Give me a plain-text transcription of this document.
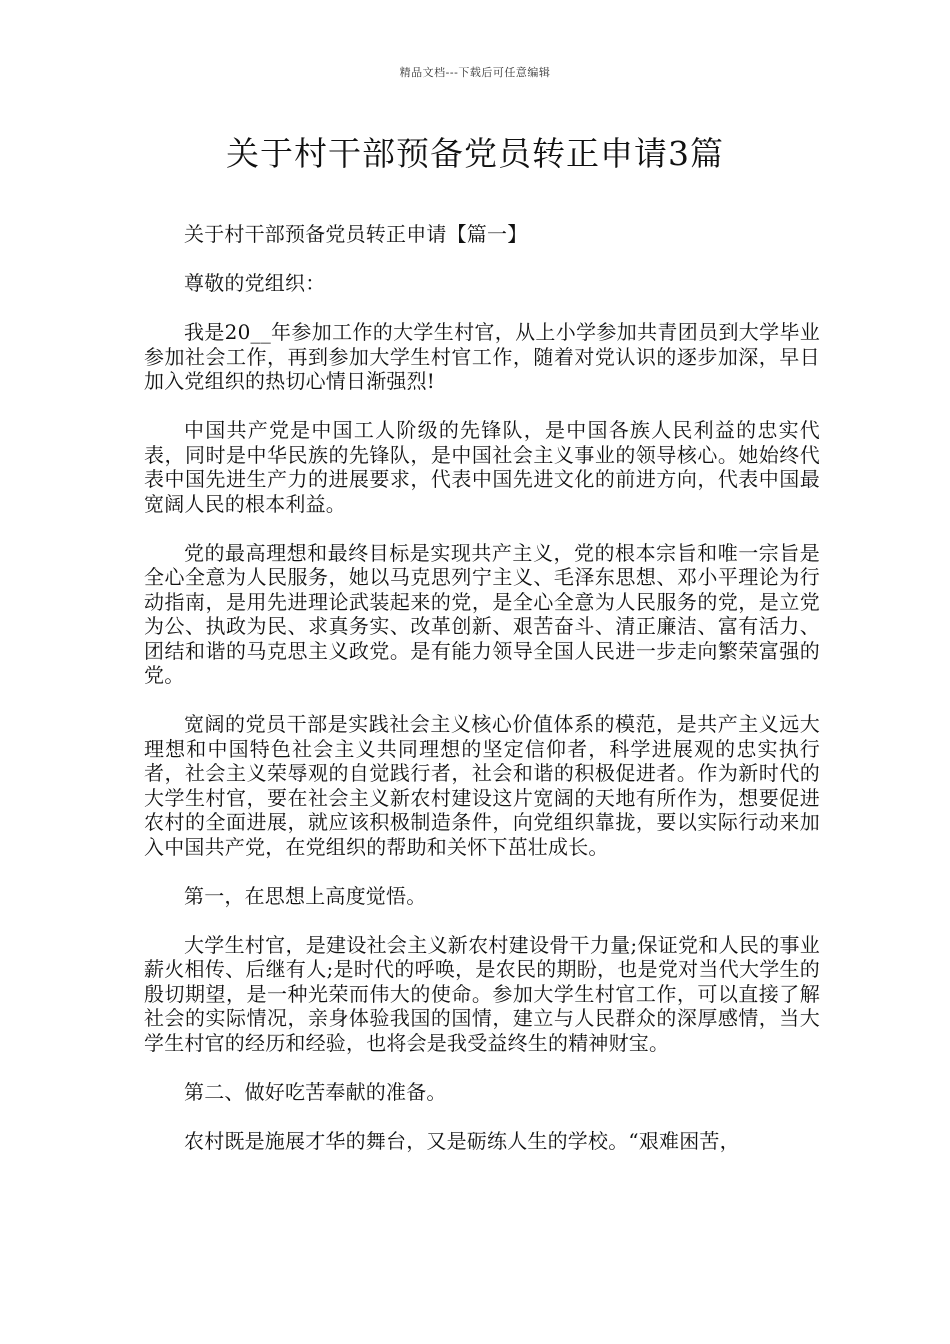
精品文档---下载后可任意编辑
关于村干部预备党员转正申请3篇

关于村干部预备党员转正申请【篇一】

尊敬的党组织：

我是20__年参加工作的大学生村官，从上小学参加共青团员到大学毕业参加社会工作，再到参加大学生村官工作，随着对党认识的逐步加深，早日加入党组织的热切心情日渐强烈!

中国共产党是中国工人阶级的先锋队，是中国各族人民利益的忠实代表，同时是中华民族的先锋队，是中国社会主义事业的领导核心。她始终代表中国先进生产力的进展要求，代表中国先进文化的前进方向，代表中国最宽阔人民的根本利益。

党的最高理想和最终目标是实现共产主义，党的根本宗旨和唯一宗旨是全心全意为人民服务，她以马克思列宁主义、毛泽东思想、邓小平理论为行动指南，是用先进理论武装起来的党，是全心全意为人民服务的党，是立党为公、执政为民、求真务实、改革创新、艰苦奋斗、清正廉洁、富有活力、团结和谐的马克思主义政党。是有能力领导全国人民进一步走向繁荣富强的党。

宽阔的党员干部是实践社会主义核心价值体系的模范，是共产主义远大理想和中国特色社会主义共同理想的坚定信仰者，科学进展观的忠实执行者，社会主义荣辱观的自觉践行者，社会和谐的积极促进者。作为新时代的大学生村官，要在社会主义新农村建设这片宽阔的天地有所作为，想要促进农村的全面进展，就应该积极制造条件，向党组织靠拢，要以实际行动来加入中国共产党，在党组织的帮助和关怀下茁壮成长。

第一，在思想上高度觉悟。

大学生村官，是建设社会主义新农村建设骨干力量;保证党和人民的事业薪火相传、后继有人;是时代的呼唤，是农民的期盼，也是党对当代大学生的殷切期望，是一种光荣而伟大的使命。参加大学生村官工作，可以直接了解社会的实际情况，亲身体验我国的国情，建立与人民群众的深厚感情，当大学生村官的经历和经验，也将会是我受益终生的精神财宝。

第二、做好吃苦奉献的准备。

农村既是施展才华的舞台，又是砺练人生的学校。“艰难困苦，
